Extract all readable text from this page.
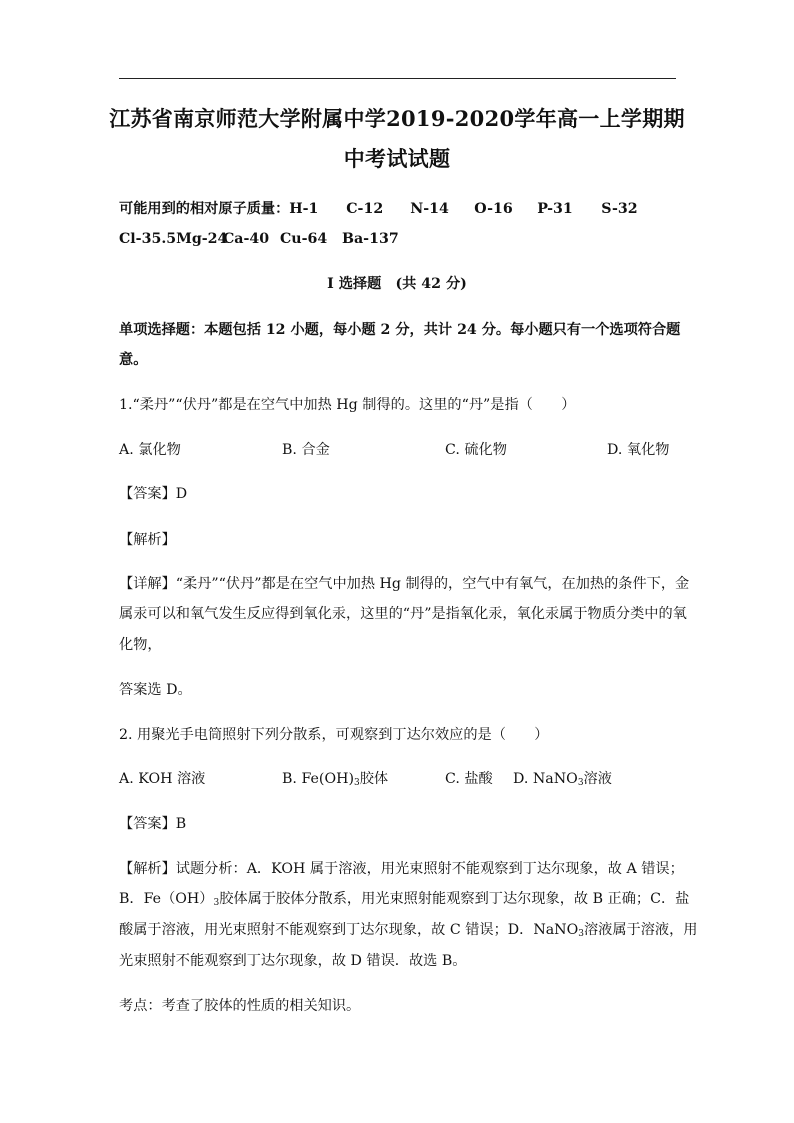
江苏省南京师范大学附属中学2019-2020学年高一上学期期
中考试试题
可能用到的相对原子质量：H-1 C-12 N-14 O-16 P-31 S-32
Cl-35.5Mg-24Ca-40 Cu-64 Ba-137
I 选择题　(共 42 分)
单项选择题：本题包括 12 小题，每小题 2 分，共计 24 分。每小题只有一个选项符合题
意。
1.“柔丹”“伏丹”都是在空气中加热 Hg 制得的。这里的“丹”是指（　　）
A. 氯化物	B. 合金	C. 硫化物	D. 氧化物
【答案】D
【解析】
【详解】“柔丹”“伏丹”都是在空气中加热 Hg 制得的，空气中有氧气，在加热的条件下，金
属汞可以和氧气发生反应得到氧化汞，这里的“丹”是指氧化汞，氧化汞属于物质分类中的氧
化物，
答案选 D。
2. 用聚光手电筒照射下列分散系，可观察到丁达尔效应的是（　　）
A. KOH 溶液	B. $Fe(OH)_3$胶体	C. 盐酸 D. NaNO$_3$溶液
【答案】B
【解析】试题分析：A．KOH 属于溶液，用光束照射不能观察到丁达尔现象，故 A 错误；
B．$Fe(OH)_3$胶体属于胶体分散系，用光束照射能观察到丁达尔现象，故 B 正确；C．盐
酸属于溶液，用光束照射不能观察到丁达尔现象，故 C 错误；D．NaNO$_3$溶液属于溶液，用
光束照射不能观察到丁达尔现象，故 D 错误．故选 B。
考点：考查了胶体的性质的相关知识。
